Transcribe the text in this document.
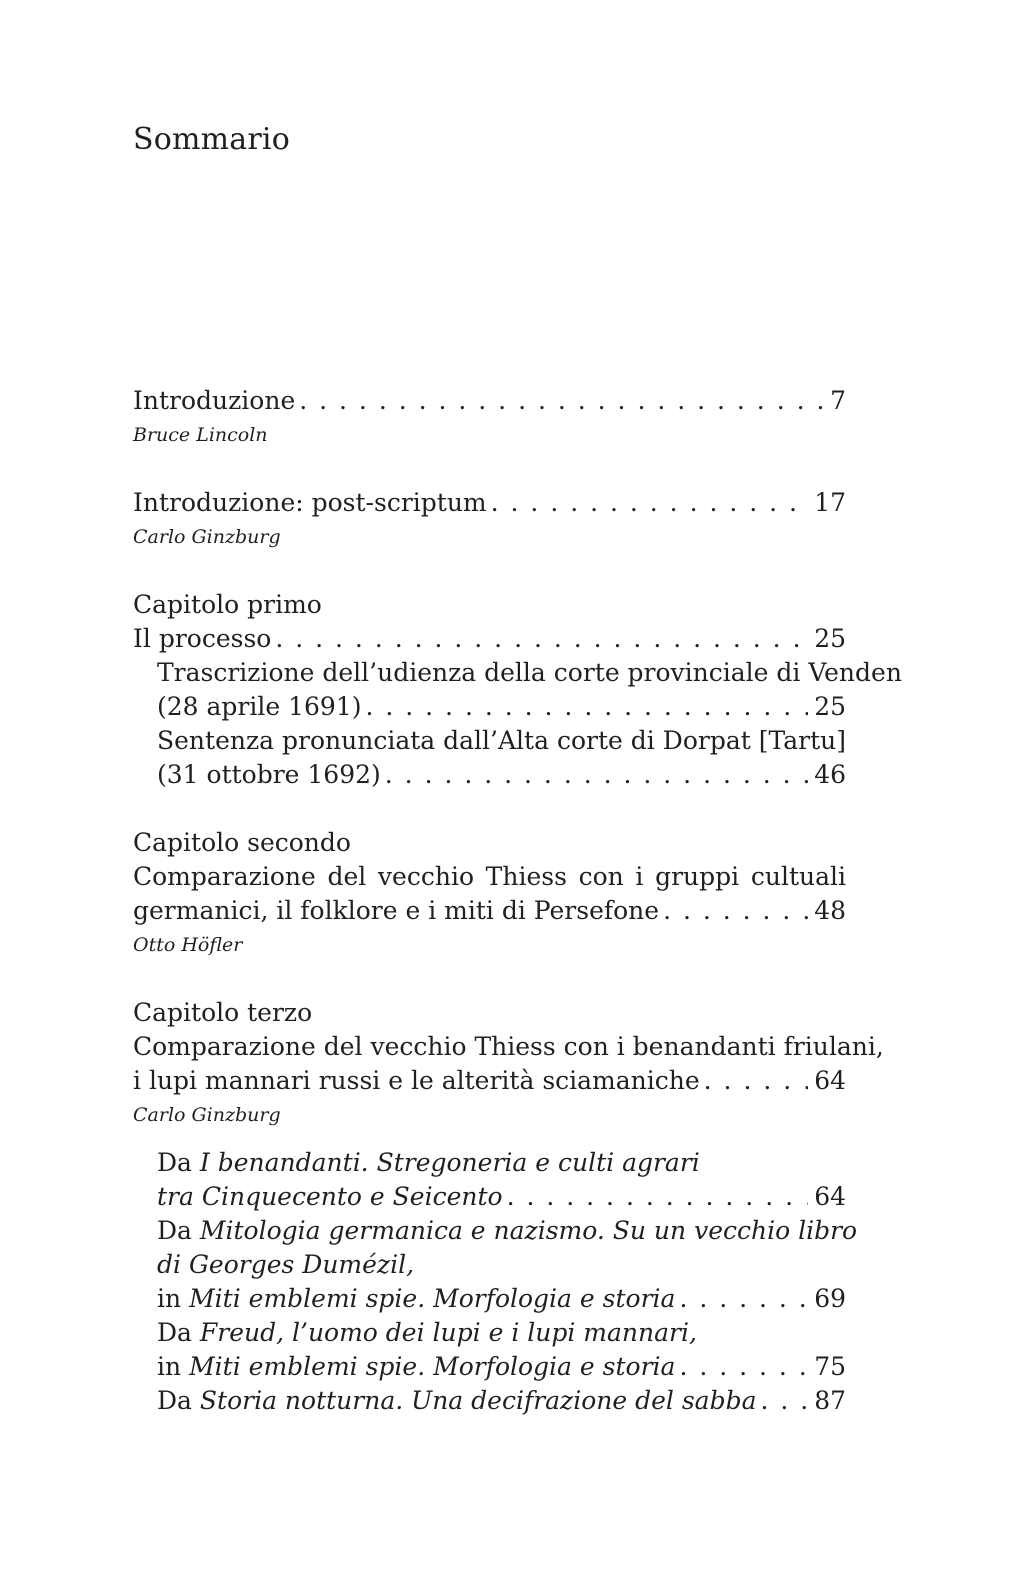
Sommario
Introduzione . . .	7
Bruce Lincoln
Introduzione: post-scriptum . . .	17
Carlo Ginzburg
Capitolo primo
Il processo . . .	25
Trascrizione dell’udienza della corte provinciale di Venden
(28 aprile 1691) . . .	25
Sentenza pronunciata dall’Alta corte di Dorpat [Tartu]
(31 ottobre 1692) . . .	46
Capitolo secondo
Comparazione del vecchio Thiess con i gruppi cultuali
germanici, il folklore e i miti di Persefone . . .	48
Otto Höfler
Capitolo terzo
Comparazione del vecchio Thiess con i benandanti friulani,
i lupi mannari russi e le alterità sciamaniche . . .	64
Carlo Ginzburg
Da
I benandanti. Stregoneria e culti agrari
tra Cinquecento e Seicento . . .	64
Da
Mitologia germanica e nazismo. Su un vecchio libro
di Georges Dumézil,
in
Miti emblemi spie. Morfologia e storia . . .	69
Da
Freud, l’uomo dei lupi e i lupi mannari,
in
Miti emblemi spie. Morfologia e storia . . .	75
Da
Storia notturna. Una decifrazione del sabba . . . 87
